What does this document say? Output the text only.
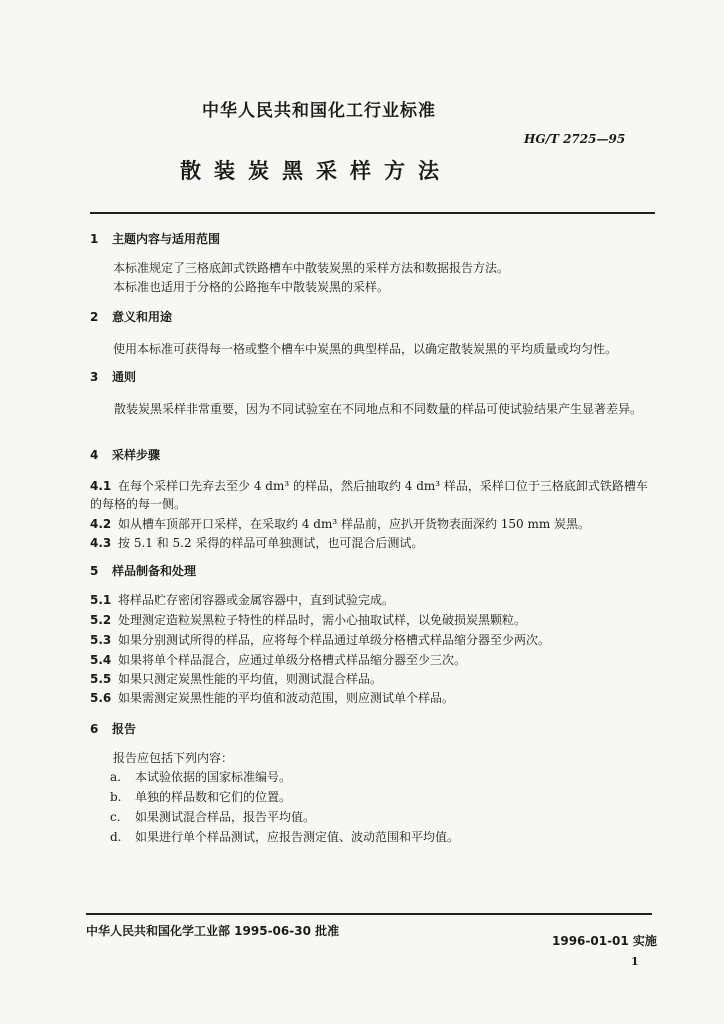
中华人民共和国化工行业标准
HG/T 2725—95
散装炭黑采样方法
1 主题内容与适用范围
本标准规定了三格底卸式铁路槽车中散装炭黑的采样方法和数据报告方法。
本标准也适用于分格的公路拖车中散装炭黑的采样。
2 意义和用途
使用本标准可获得每一格或整个槽车中炭黑的典型样品，以确定散装炭黑的平均质量或均匀性。
3 通则
散装炭黑采样非常重要，因为不同试验室在不同地点和不同数量的样品可使试验结果产生显著差异。
4 采样步骤
4.1 在每个采样口先弃去至少 4 dm³ 的样品，然后抽取约 4 dm³ 样品，采样口位于三格底卸式铁路槽车的每格的每一侧。
4.2 如从槽车顶部开口采样，在采取约 4 dm³ 样品前，应扒开货物表面深约 150 mm 炭黑。
4.3 按 5.1 和 5.2 采得的样品可单独测试，也可混合后测试。
5 样品制备和处理
5.1 将样品贮存密闭容器或金属容器中，直到试验完成。
5.2 处理测定造粒炭黑粒子特性的样品时，需小心抽取试样，以免破损炭黑颗粒。
5.3 如果分别测试所得的样品，应将每个样品通过单级分格槽式样品缩分器至少两次。
5.4 如果将单个样品混合，应通过单级分格槽式样品缩分器至少三次。
5.5 如果只测定炭黑性能的平均值，则测试混合样品。
5.6 如果需测定炭黑性能的平均值和波动范围，则应测试单个样品。
6 报告
报告应包括下列内容：
a. 本试验依据的国家标准编号。
b. 单独的样品数和它们的位置。
c. 如果测试混合样品，报告平均值。
d. 如果进行单个样品测试，应报告测定值、波动范围和平均值。
中华人民共和国化学工业部 1995-06-30 批准
1996-01-01 实施
1
